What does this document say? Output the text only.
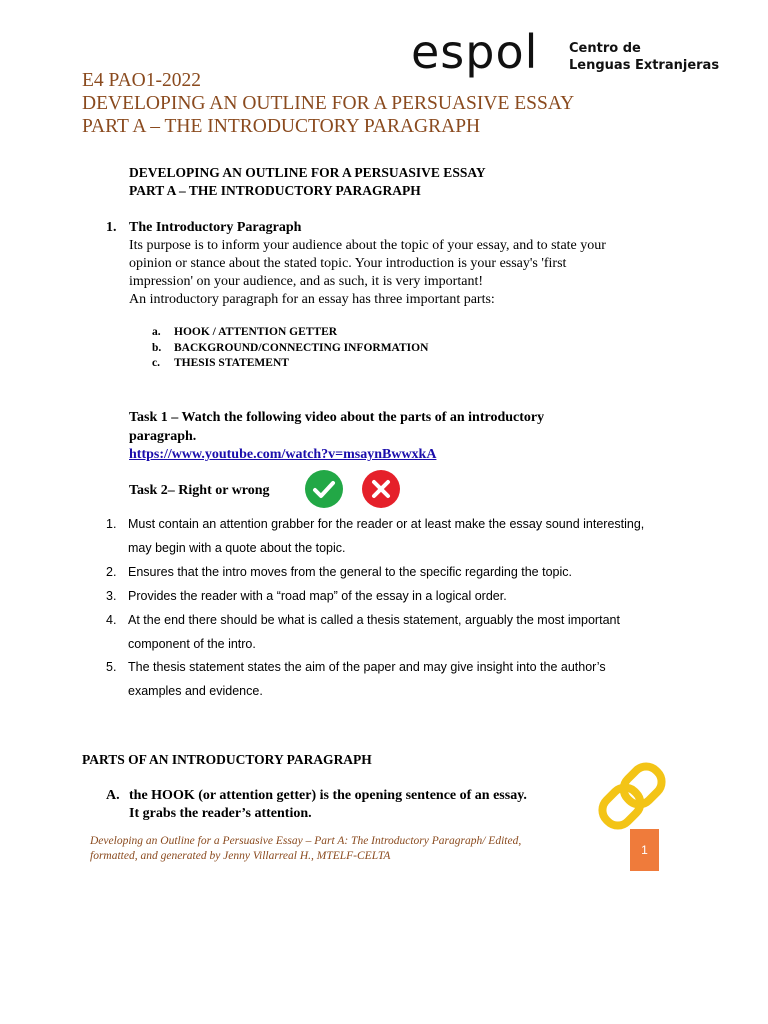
espol Centro de
Lenguas Extranjeras
E4 PAO1-2022
DEVELOPING AN OUTLINE FOR A PERSUASIVE ESSAY
PART A – THE INTRODUCTORY PARAGRAPH
DEVELOPING AN OUTLINE FOR A PERSUASIVE ESSAY
PART A – THE INTRODUCTORY PARAGRAPH
1. The Introductory Paragraph
Its purpose is to inform your audience about the topic of your essay, and to state your
opinion or stance about the stated topic. Your introduction is your essay's 'first
impression' on your audience, and as such, it is very important!
An introductory paragraph for an essay has three important parts:
a. HOOK / ATTENTION GETTER
b. BACKGROUND/CONNECTING INFORMATION
c. THESIS STATEMENT
Task 1 – Watch the following video about the parts of an introductory
paragraph.
https://www.youtube.com/watch?v=msaynBwwxkA
Task 2– Right or wrong
1. Must contain an attention grabber for the reader or at least make the essay sound interesting,
may begin with a quote about the topic.
2. Ensures that the intro moves from the general to the specific regarding the topic.
3. Provides the reader with a “road map” of the essay in a logical order.
4. At the end there should be what is called a thesis statement, arguably the most important
component of the intro.
5. The thesis statement states the aim of the paper and may give insight into the author’s
examples and evidence.
PARTS OF AN INTRODUCTORY PARAGRAPH
A. the HOOK (or attention getter) is the opening sentence of an essay.
It grabs the reader’s attention.
Developing an Outline for a Persuasive Essay – Part A: The Introductory Paragraph/ Edited,
formatted, and generated by Jenny Villarreal H., MTELF-CELTA	1
